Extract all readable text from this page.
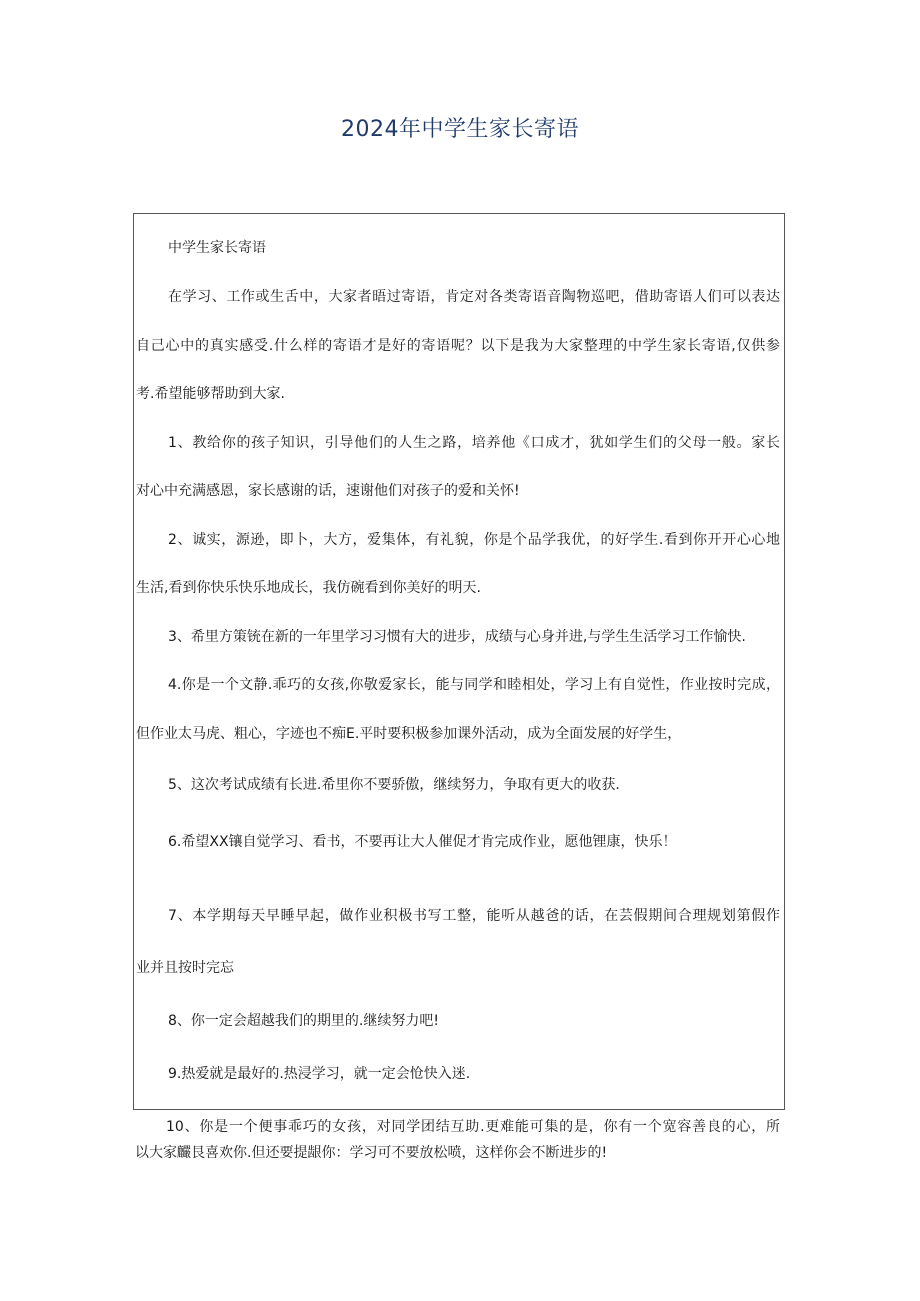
2024年中学生家长寄语
中学生家长寄语
在学习、工作或生舌中，大家者晤过寄语，肯定对各类寄语音陶物巡吧，借助寄语人们可以表达
自己心中的真实感受.什么样的寄语才是好的寄语呢？以下是我为大家整理的中学生家长寄语,仅供参
考.希望能够帮助到大家.
1、教给你的孩子知识，引导他们的人生之路，培养他《口成才，犹如学生们的父母一般。家长
对心中充满感恩，家长感谢的话，速谢他们对孩子的爱和关怀!
2、诚实，源逊，即卜，大方，爱集体，有礼貌，你是个品学我优，的好学生.看到你开开心心地
生活,看到你快乐快乐地成长，我仿碗看到你美好的明天.
3、希里方策铳在新的一年里学习习惯有大的进步，成绩与心身并进,与学生生活学习工作愉快.
4.你是一个文静.乖巧的女孩,你敬爱家长，能与同学和睦相处，学习上有自觉性，作业按时完成，
但作业太马虎、粗心，字迹也不痴E.平时要积极参加课外活动，成为全面发展的好学生，
5、这次考试成绩有长进.希里你不要骄傲，继续努力，争取有更大的收获.
6.希望XX镶自觉学习、看书，不要再让大人催促才肯完成作业，愿他锂康，快乐！
7、本学期每天早睡早起，做作业积极书写工整，能听从越爸的话，在芸假期间合理规划第假作
业并且按时完忘
8、你一定会超越我们的期里的.继续努力吧!
9.热爱就是最好的.热浸学习，就一定会怆快入迷.
10、你是一个便事乖巧的女孩，对同学团结互助.更难能可集的是，你有一个宽容善良的心，所
以大家麣艮喜欢你.但还要提龈你：学习可不要放松喷，这样你会不断进步的!
